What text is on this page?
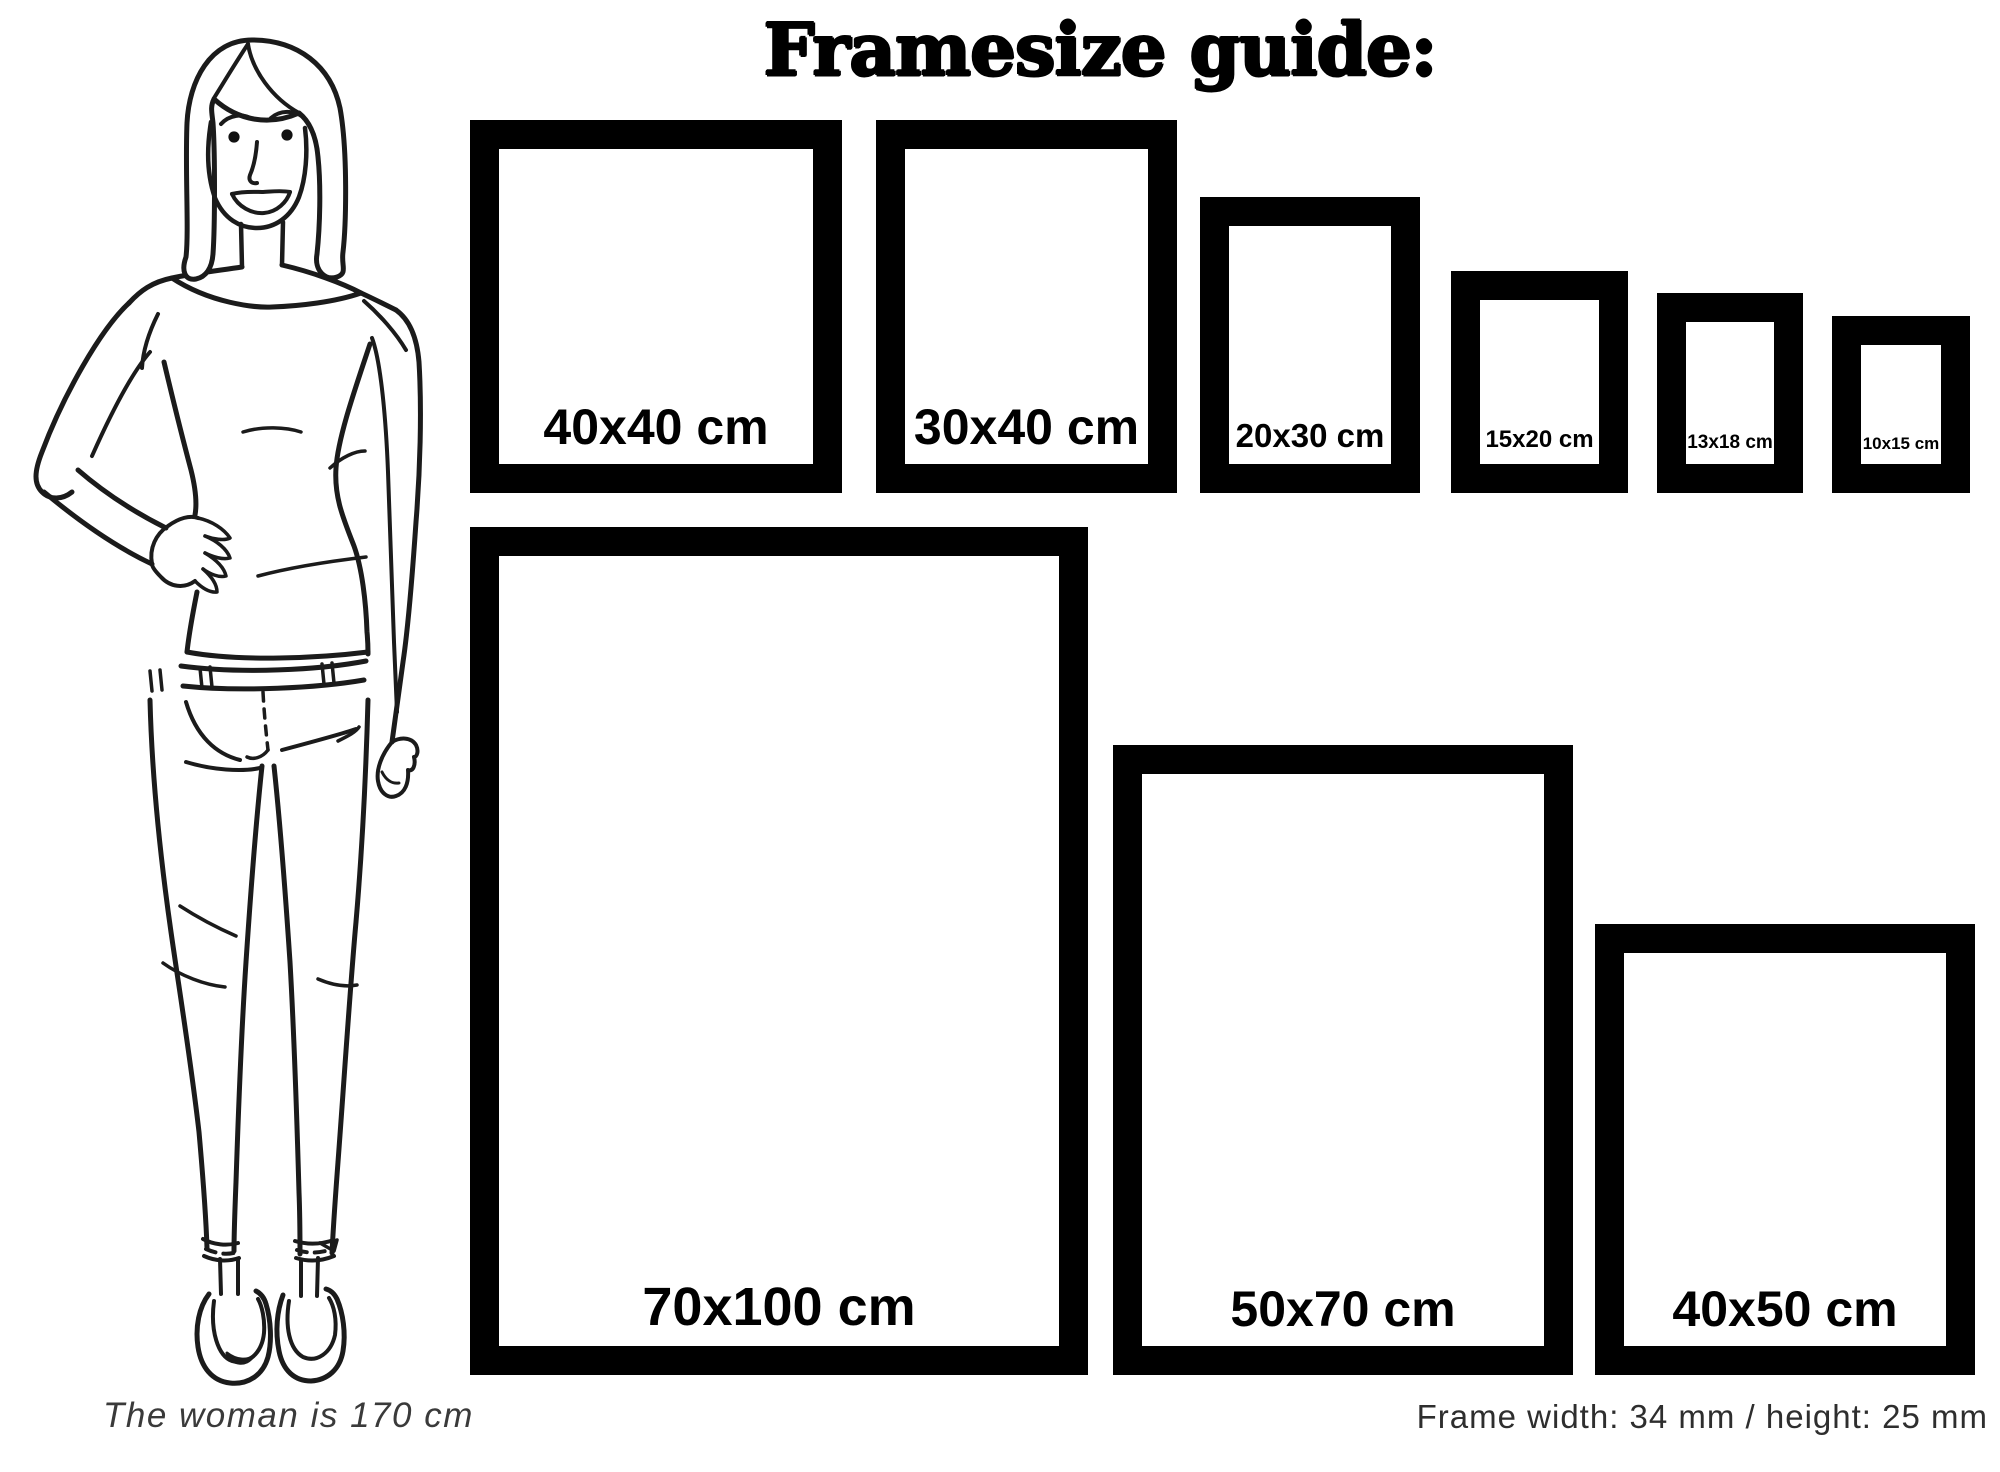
Framesize guide:
40x40 cm	30x40 cm	20x30 cm	15x20 cm	13x18 cm	10x15 cm
70x100 cm	50x70 cm	40x50 cm
The woman is 170 cm	Frame width: 34 mm / height: 25 mm
